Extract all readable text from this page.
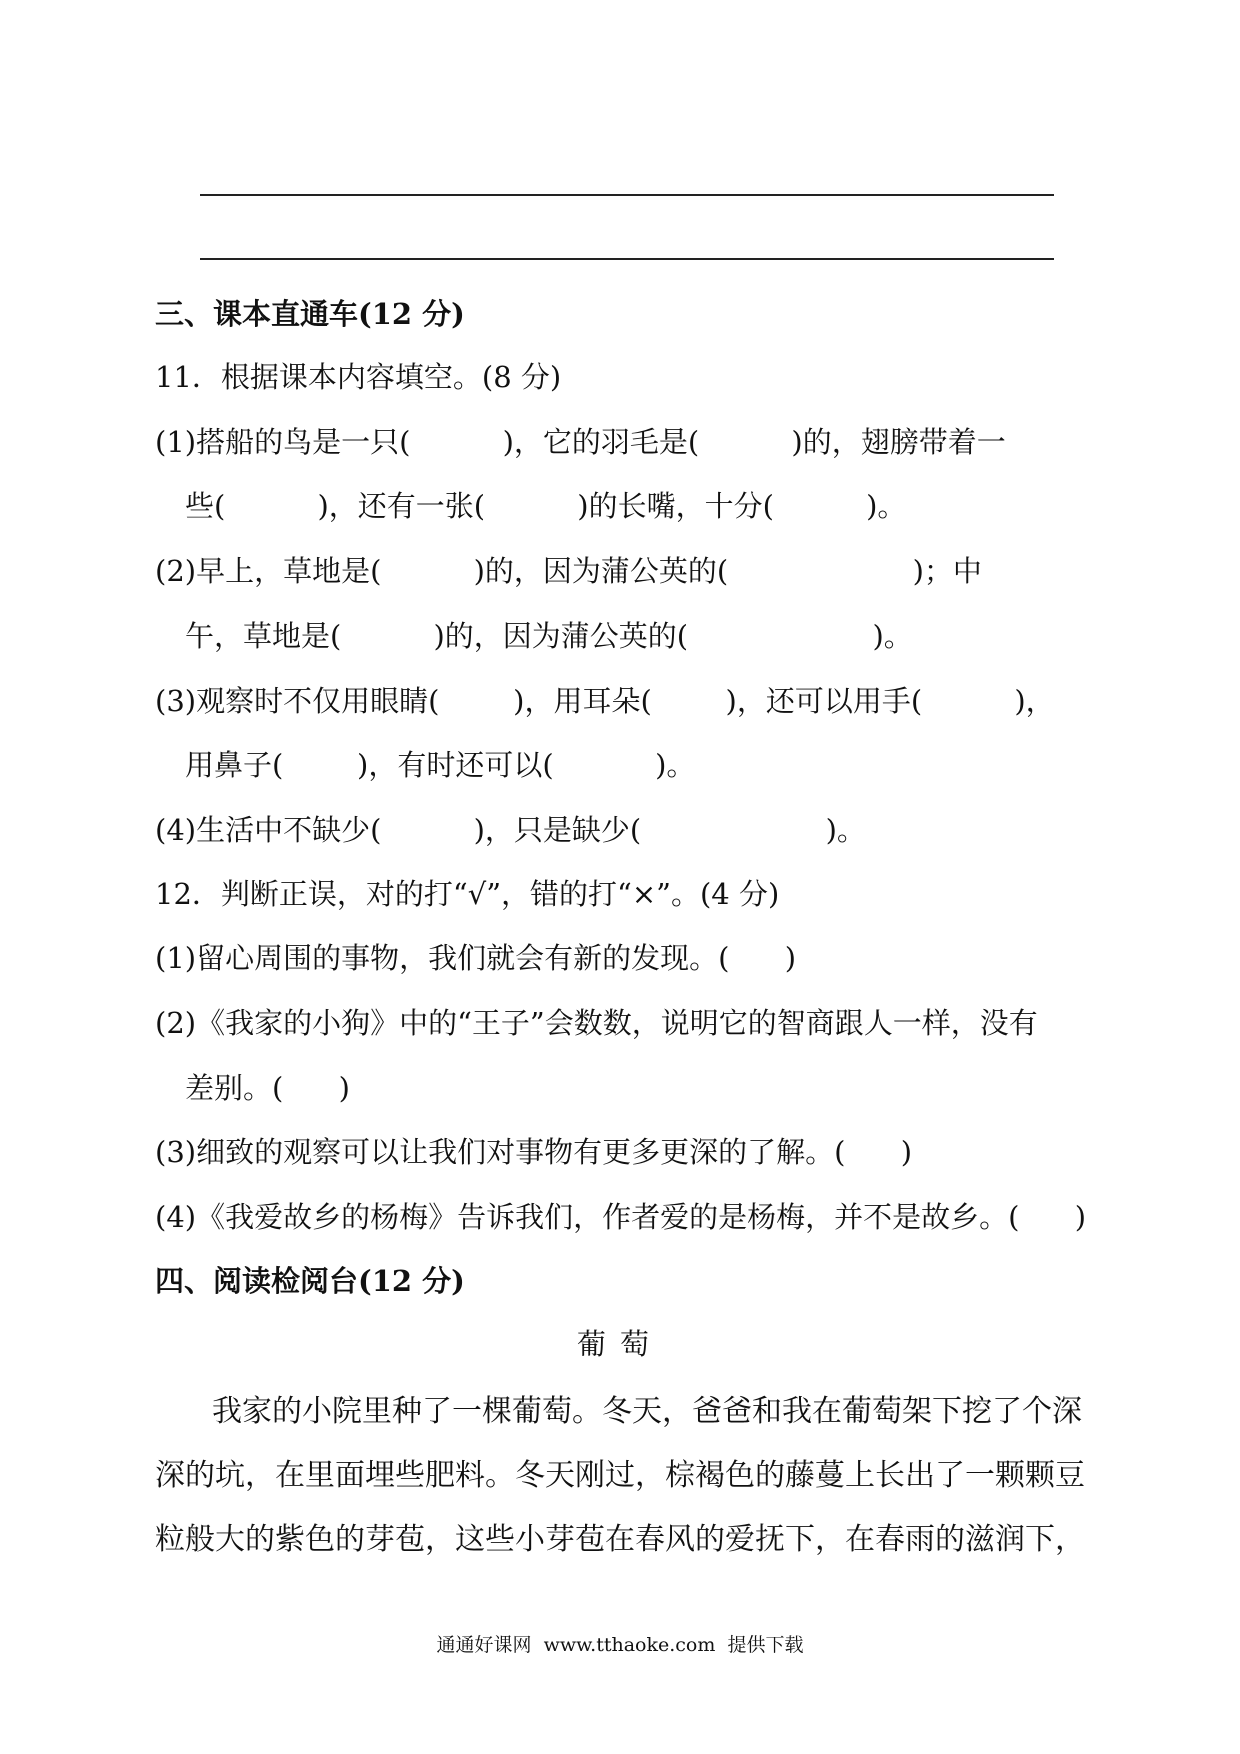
三、课本直通车(12 分)
11．根据课本内容填空。(8 分)
(1)搭船的鸟是一只(          )，它的羽毛是(          )的，翅膀带着一
些(          )，还有一张(          )的长嘴，十分(          )。
(2)早上，草地是(          )的，因为蒲公英的(                    )；中
午，草地是(          )的，因为蒲公英的(                    )。
(3)观察时不仅用眼睛(        )，用耳朵(        )，还可以用手(          )，
用鼻子(        )，有时还可以(           )。
(4)生活中不缺少(          )，只是缺少(                    )。
12．判断正误，对的打“√”，错的打“×”。(4 分)
(1)留心周围的事物，我们就会有新的发现。(      )
(2)《我家的小狗》中的“王子”会数数，说明它的智商跟人一样，没有
差别。(      )
(3)细致的观察可以让我们对事物有更多更深的了解。(      )
(4)《我爱故乡的杨梅》告诉我们，作者爱的是杨梅，并不是故乡。(      )
四、阅读检阅台(12 分)
葡萄
我家的小院里种了一棵葡萄。冬天，爸爸和我在葡萄架下挖了个深
深的坑，在里面埋些肥料。冬天刚过，棕褐色的藤蔓上长出了一颗颗豆
粒般大的紫色的芽苞，这些小芽苞在春风的爱抚下，在春雨的滋润下，
通通好课网  www.tthaoke.com  提供下载
